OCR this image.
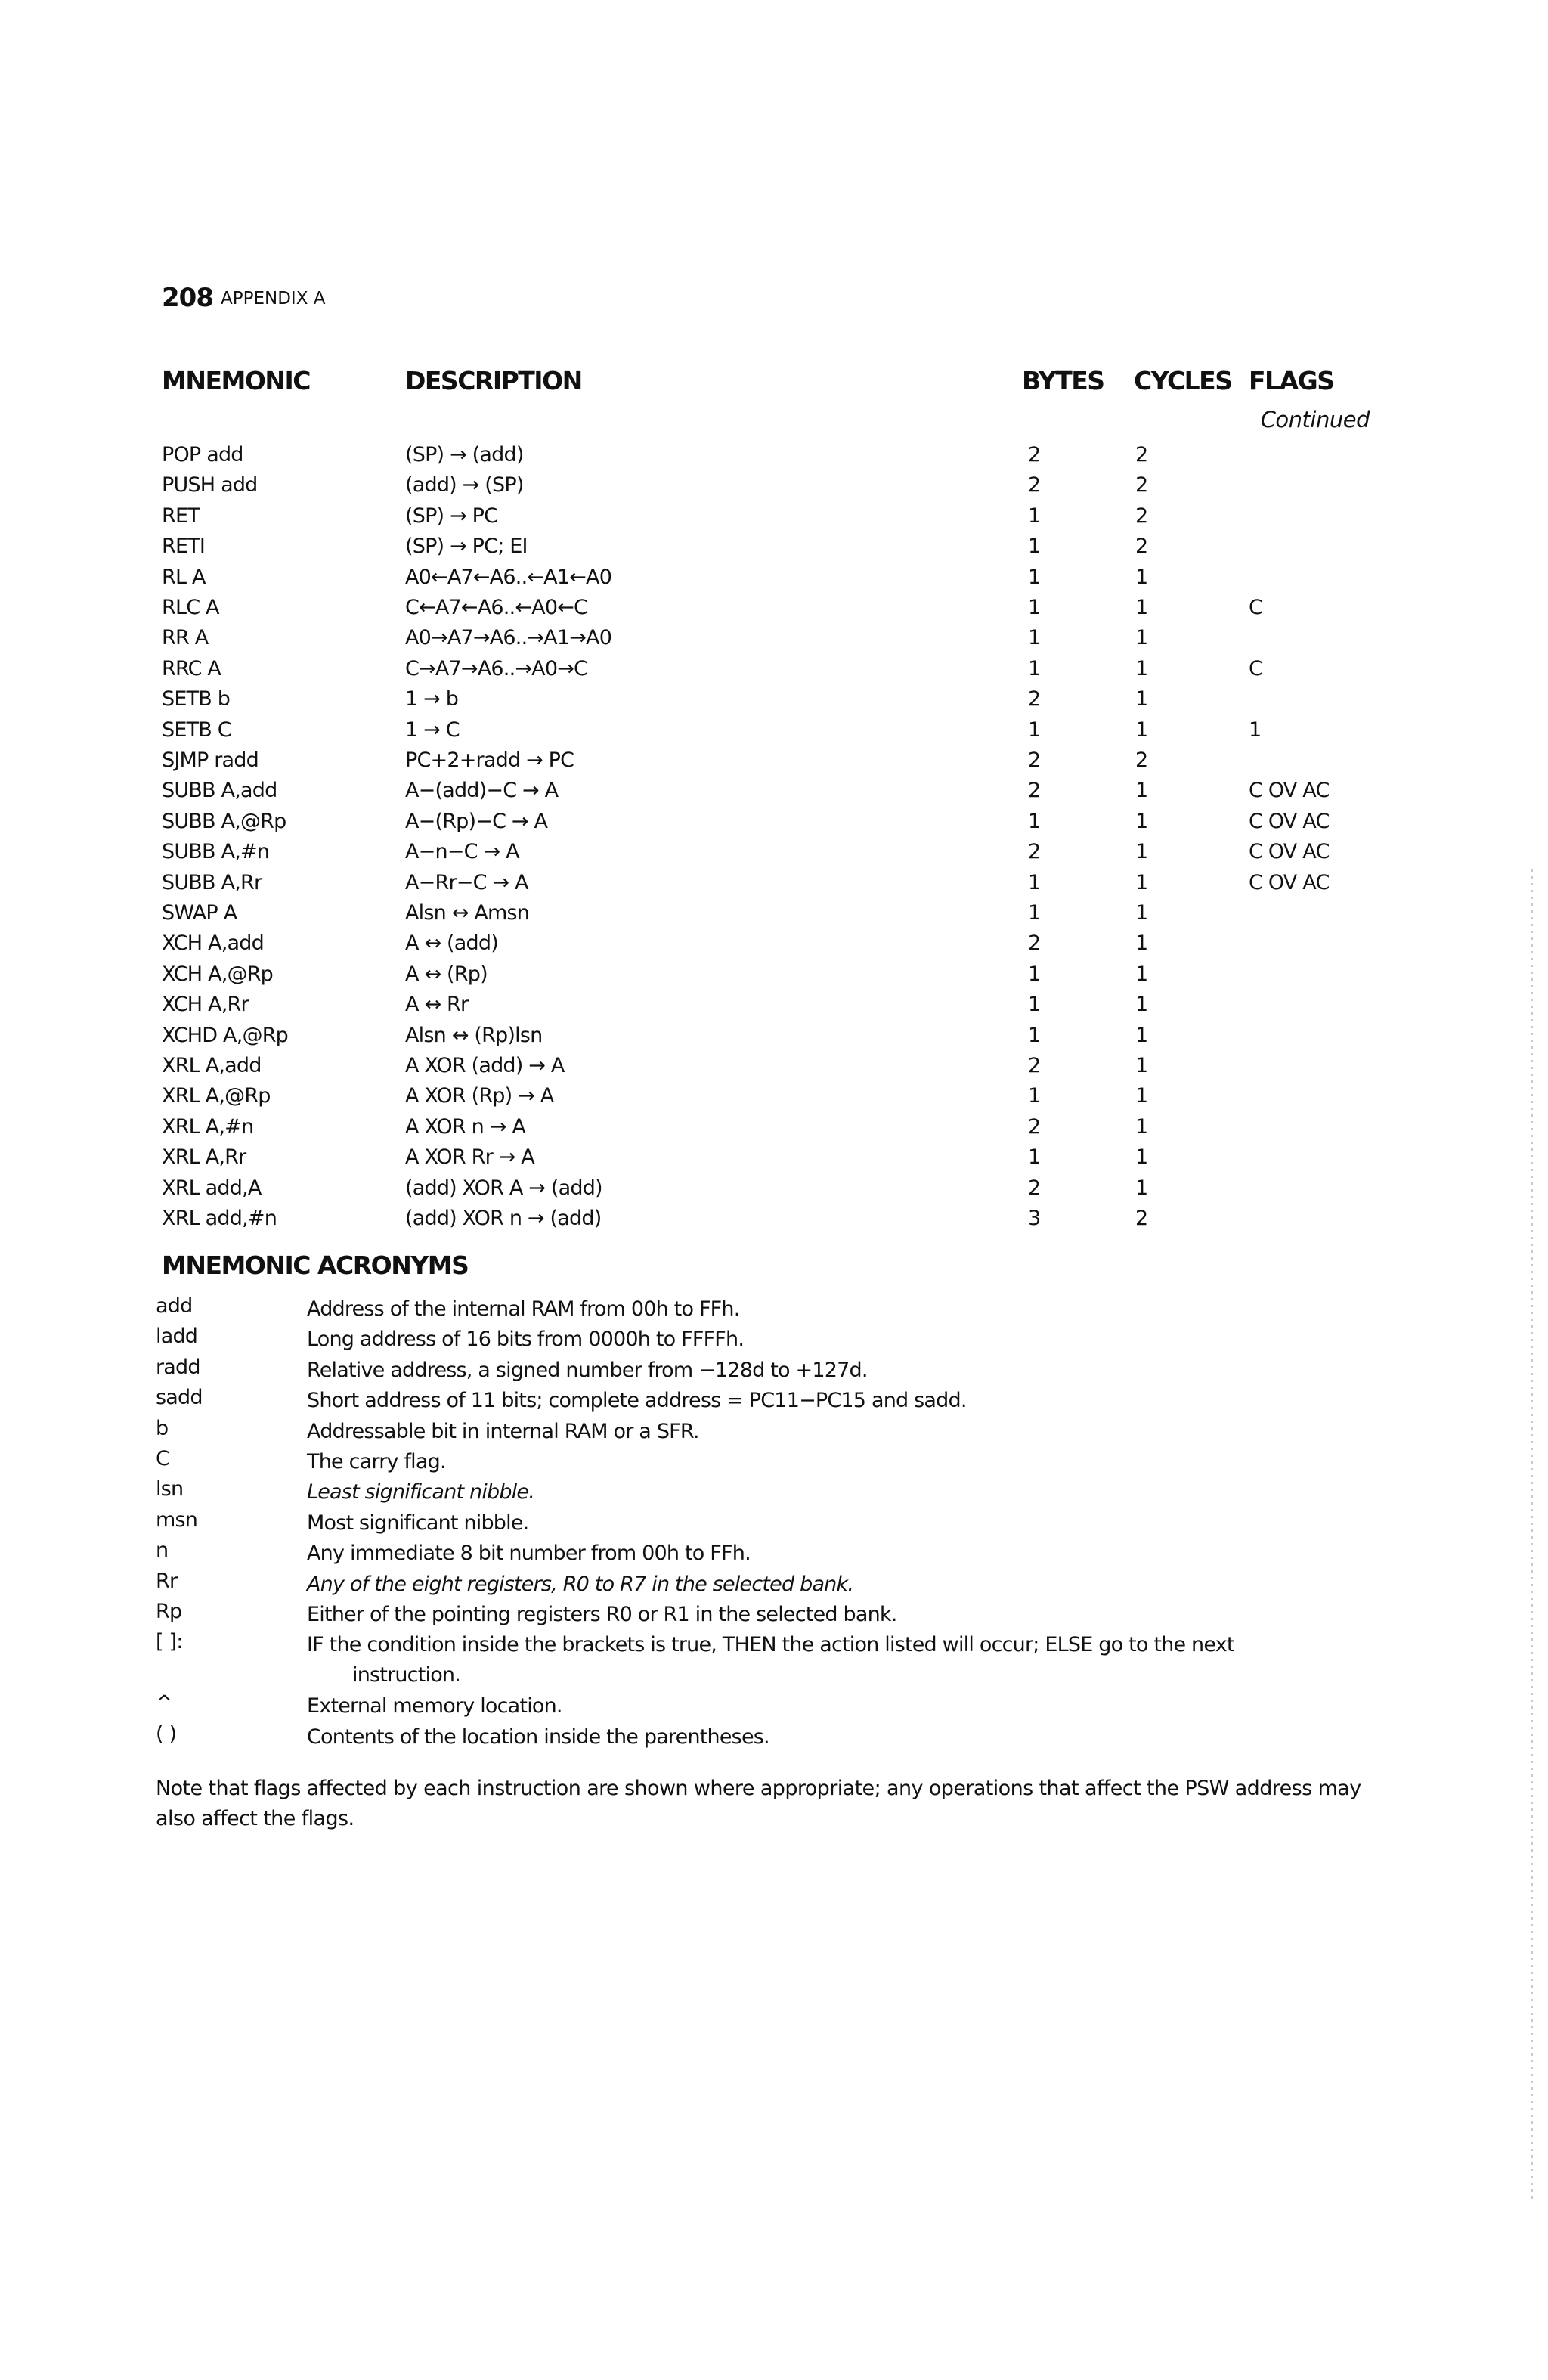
208 APPENDIX A
MNEMONIC	DESCRIPTION	BYTES CYCLES FLAGS
Continued
POP add	(SP) → (add)	2	2
PUSH add	(add) → (SP)	2	2
RET	(SP) → PC	1	2
RETI	(SP) → PC; EI	1	2
RL A	A0←A7←A6..←A1←A0	1	1
RLC A	C←A7←A6..←A0←C	1	1	C
RR A	A0→A7→A6..→A1→A0	1	1
RRC A	C→A7→A6..→A0→C	1	1	C
SETB b	1 → b	2	1
SETB C	1 → C	1	1	1
SJMP radd	PC+2+radd → PC	2	2
SUBB A,add	A−(add)−C → A	2	1	C OV AC
SUBB A,@Rp	A−(Rp)−C → A	1	1	C OV AC
SUBB A,#n	A−n−C → A	2	1	C OV AC
SUBB A,Rr	A−Rr−C → A	1	1	C OV AC
SWAP A	Alsn ↔ Amsn	1	1
XCH A,add	A ↔ (add)	2	1
XCH A,@Rp	A ↔ (Rp)	1	1
XCH A,Rr	A ↔ Rr	1	1
XCHD A,@Rp	Alsn ↔ (Rp)lsn	1	1
XRL A,add	A XOR (add) → A	2	1
XRL A,@Rp	A XOR (Rp) → A	1	1
XRL A,#n	A XOR n → A	2	1
XRL A,Rr	A XOR Rr → A	1	1
XRL add,A	(add) XOR A → (add)	2	1
XRL add,#n	(add) XOR n → (add)	3	2
MNEMONIC ACRONYMS
add	Address of the internal RAM from 00h to FFh.
ladd	Long address of 16 bits from 0000h to FFFFh.
radd	Relative address, a signed number from −128d to +127d.
sadd	Short address of 11 bits; complete address = PC11−PC15 and sadd.
b	Addressable bit in internal RAM or a SFR.
C	The carry flag.
lsn	Least significant nibble.
msn	Most significant nibble.
n	Any immediate 8 bit number from 00h to FFh.
Rr	Any of the eight registers, R0 to R7 in the selected bank.
Rp	Either of the pointing registers R0 or R1 in the selected bank.
[ ]:	IF the condition inside the brackets is true, THEN the action listed will occur; ELSE go to the next
instruction.
^	External memory location.
( )	Contents of the location inside the parentheses.
Note that flags affected by each instruction are shown where appropriate; any operations that affect the PSW address may also affect the flags.
